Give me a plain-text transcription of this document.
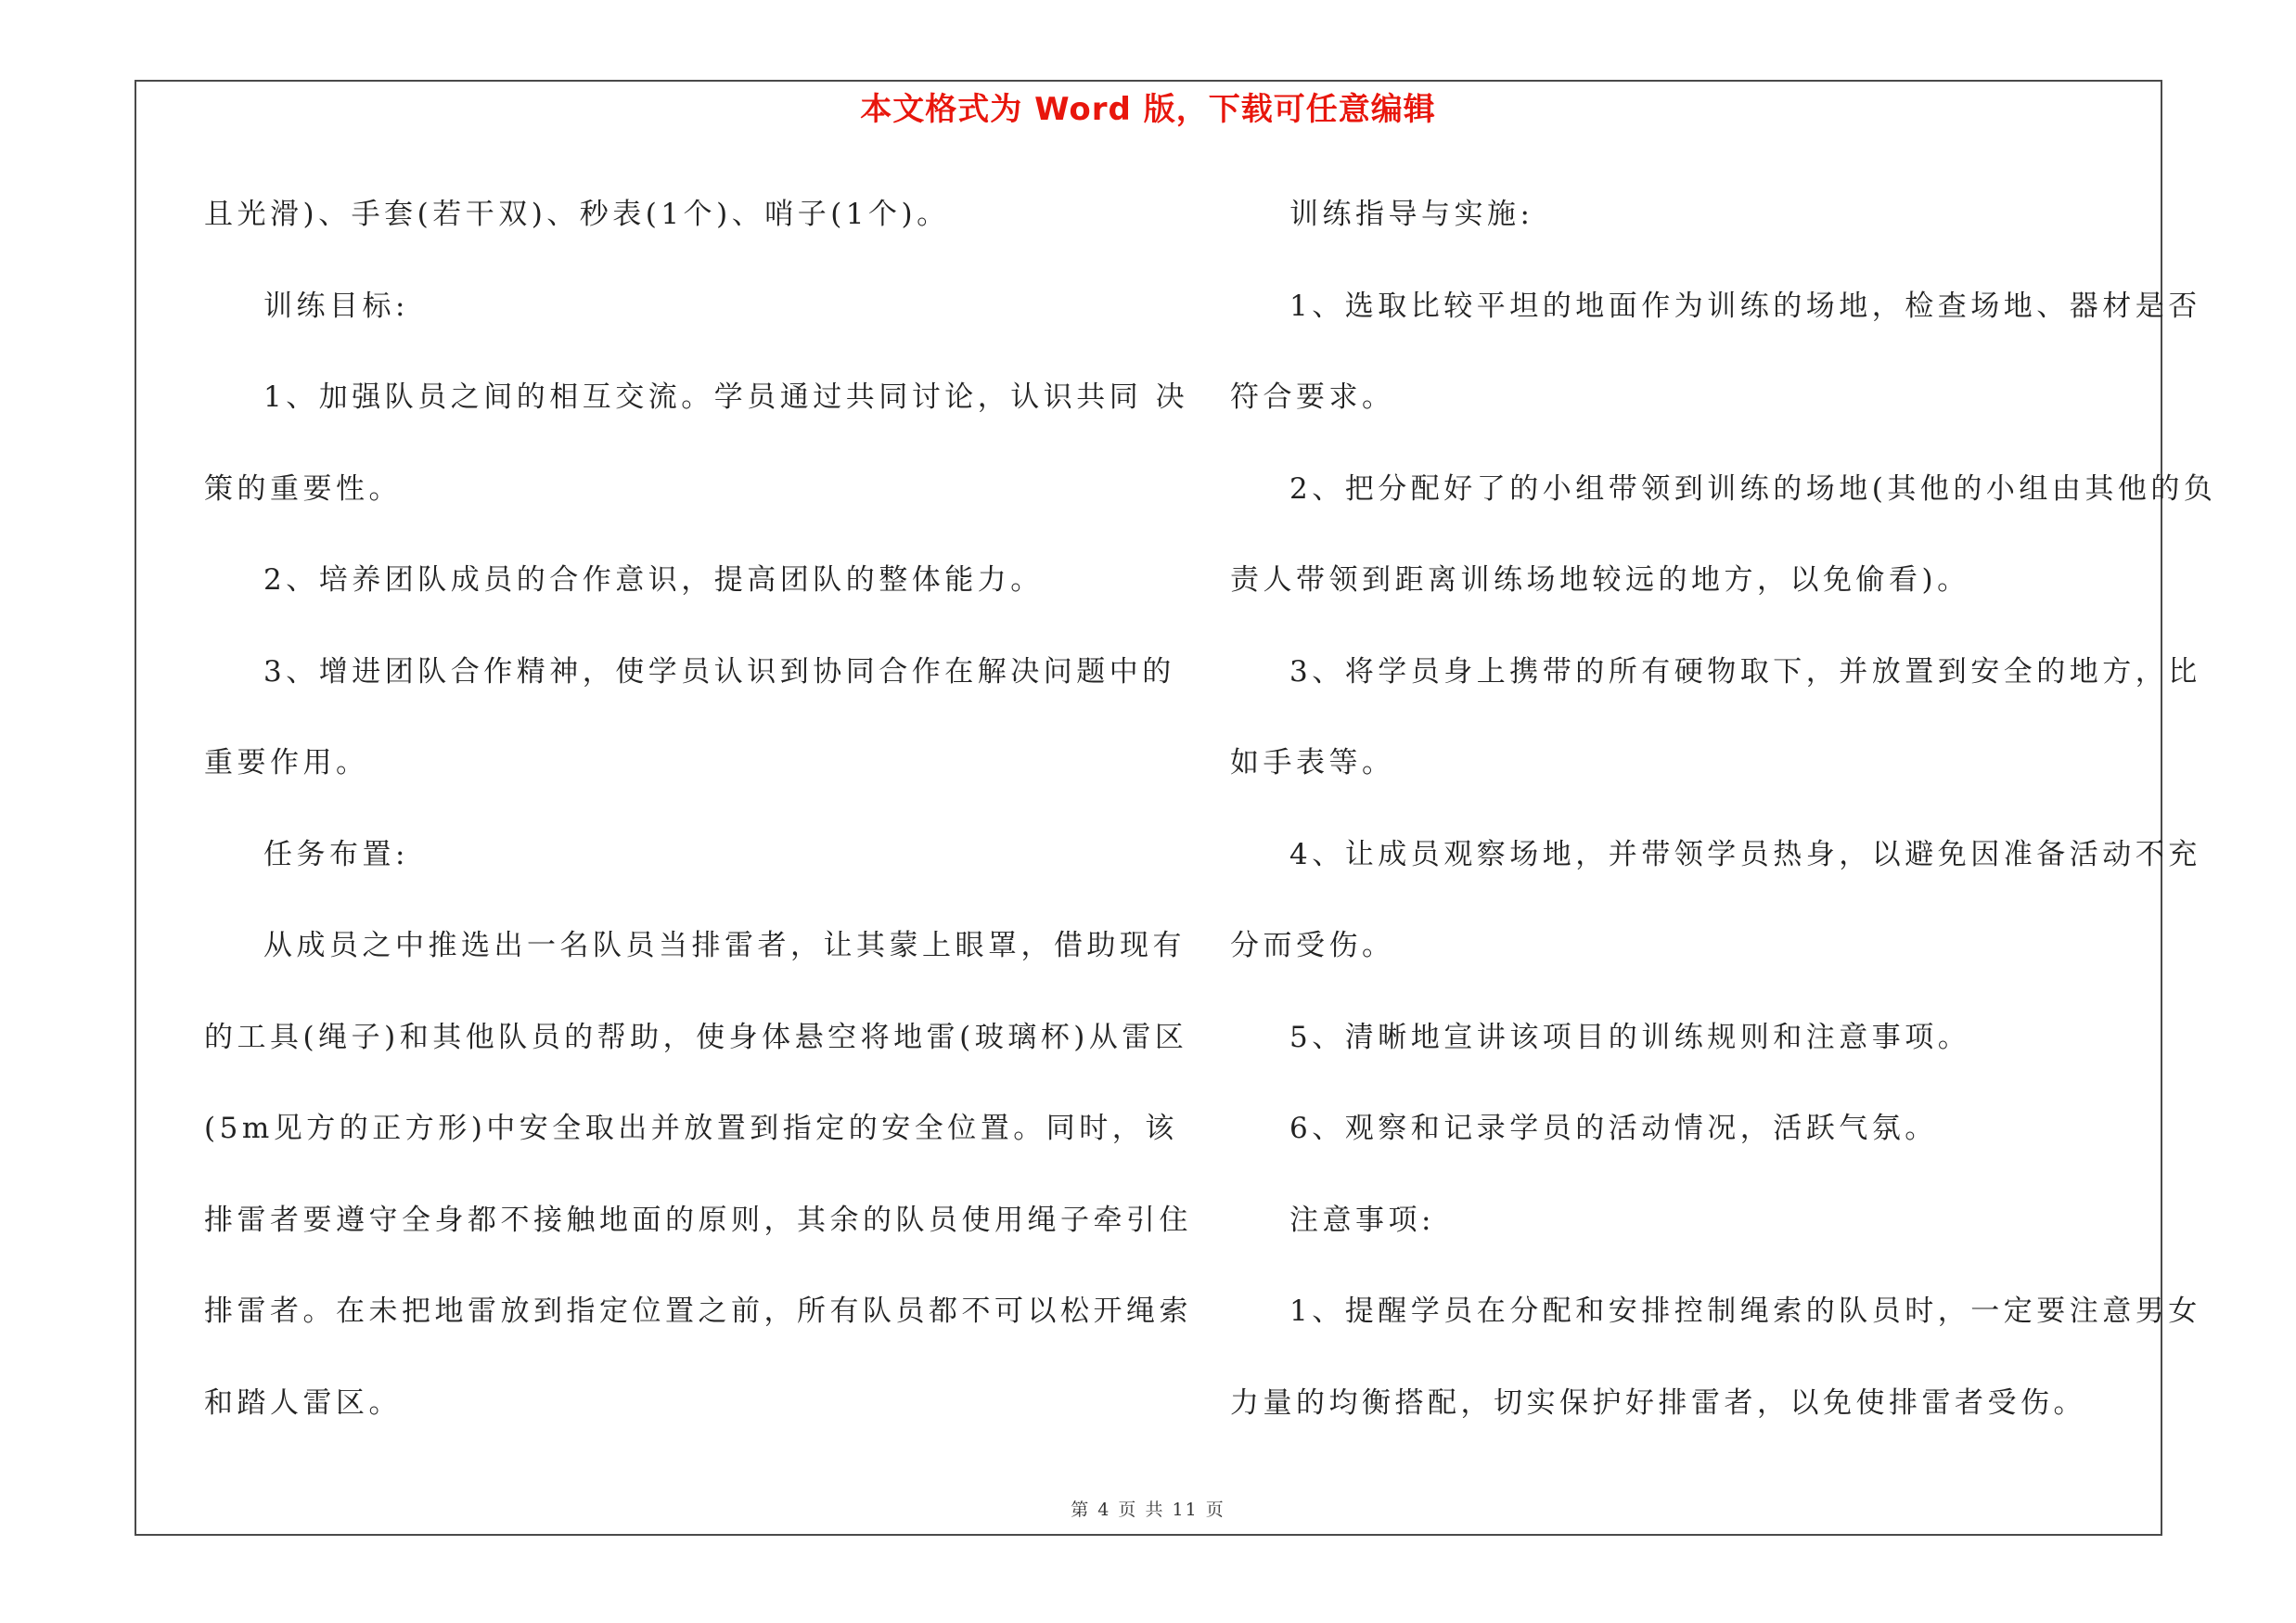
本文格式为 Word 版，下载可任意编辑
且光滑)、手套(若干双)、秒表(1个)、哨子(1个)。
训练目标:
1、加强队员之间的相互交流。学员通过共同讨论，认识共同 决
策的重要性。
2、培养团队成员的合作意识，提高团队的整体能力。
3、增进团队合作精神，使学员认识到协同合作在解决问题中的
重要作用。
任务布置:
从成员之中推选出一名队员当排雷者，让其蒙上眼罩，借助现有
的工具(绳子)和其他队员的帮助，使身体悬空将地雷(玻璃杯)从雷区
(5m见方的正方形)中安全取出并放置到指定的安全位置。同时，该
排雷者要遵守全身都不接触地面的原则，其余的队员使用绳子牵引住
排雷者。在未把地雷放到指定位置之前，所有队员都不可以松开绳索
和踏人雷区。
训练指导与实施:
1、选取比较平坦的地面作为训练的场地，检查场地、器材是否
符合要求。
2、把分配好了的小组带领到训练的场地(其他的小组由其他的负
责人带领到距离训练场地较远的地方，以免偷看)。
3、将学员身上携带的所有硬物取下，并放置到安全的地方，比
如手表等。
4、让成员观察场地，并带领学员热身，以避免因准备活动不充
分而受伤。
5、清晰地宣讲该项目的训练规则和注意事项。
6、观察和记录学员的活动情况，活跃气氛。
注意事项:
1、提醒学员在分配和安排控制绳索的队员时，一定要注意男女
力量的均衡搭配，切实保护好排雷者，以免使排雷者受伤。
第 4 页 共 11 页
